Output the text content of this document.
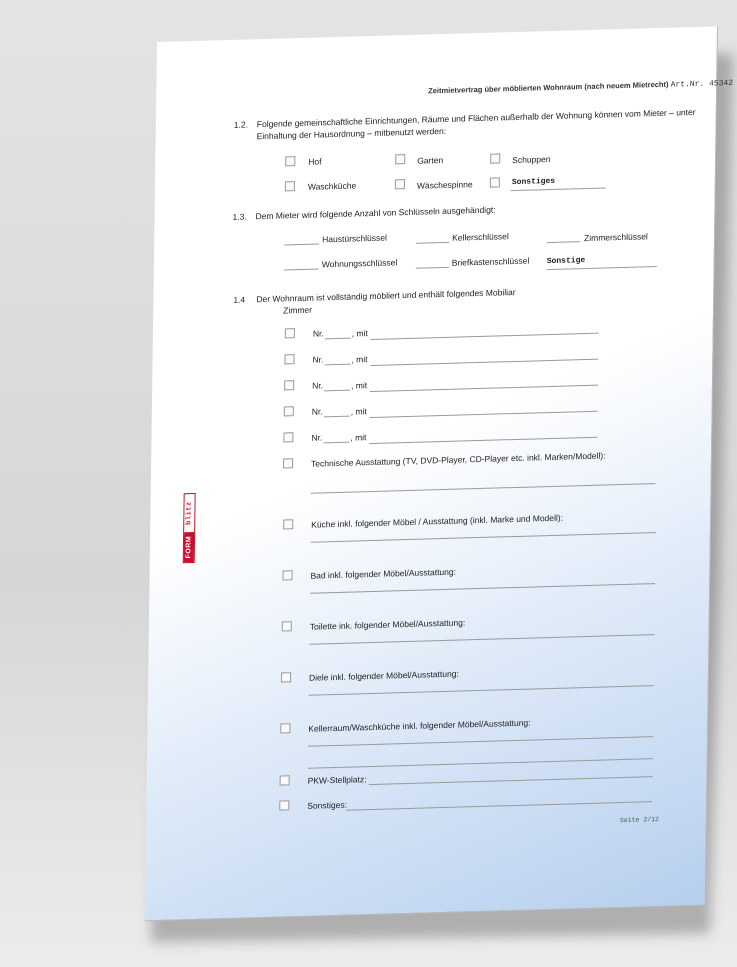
Zeitmietvertrag über möblierten Wohnraum (nach neuem Mietrecht) Art.Nr. 45342
1.2. Folgende gemeinschaftliche Einrichtungen, Räume und Flächen außerhalb der Wohnung können vom Mieter – unter
Einhaltung der Hausordnung – mitbenutzt werden:
Hof	Garten	Schuppen
Waschküche	Wäschespinne	Sonstiges
1.3. Dem Mieter wird folgende Anzahl von Schlüsseln ausgehändigt:
Haustürschlüssel	Kellerschlüssel	Zimmerschlüssel
Wohnungsschlüssel	Briefkastenschlüssel Sonstige
1.4 Der Wohnraum ist vollständig möbliert und enthält folgendes Mobiliar
Zimmer
Nr.	, mit
Nr.	, mit
Nr.	, mit
Nr.	, mit
Nr.	, mit
Technische Ausstattung (TV, DVD-Player, CD-Player etc. inkl. Marken/Modell):
Küche inkl. folgender Möbel / Ausstattung (inkl. Marke und Modell):
Bad inkl. folgender Möbel/Ausstattung:
Toilette ink. folgender Möbel/Ausstattung:
Diele inkl. folgender Möbel/Ausstattung:
Kellerraum/Waschküche inkl. folgender Möbel/Ausstattung:
PKW-Stellplatz:
Sonstiges:
Seite 2/12
blitz
FORM
